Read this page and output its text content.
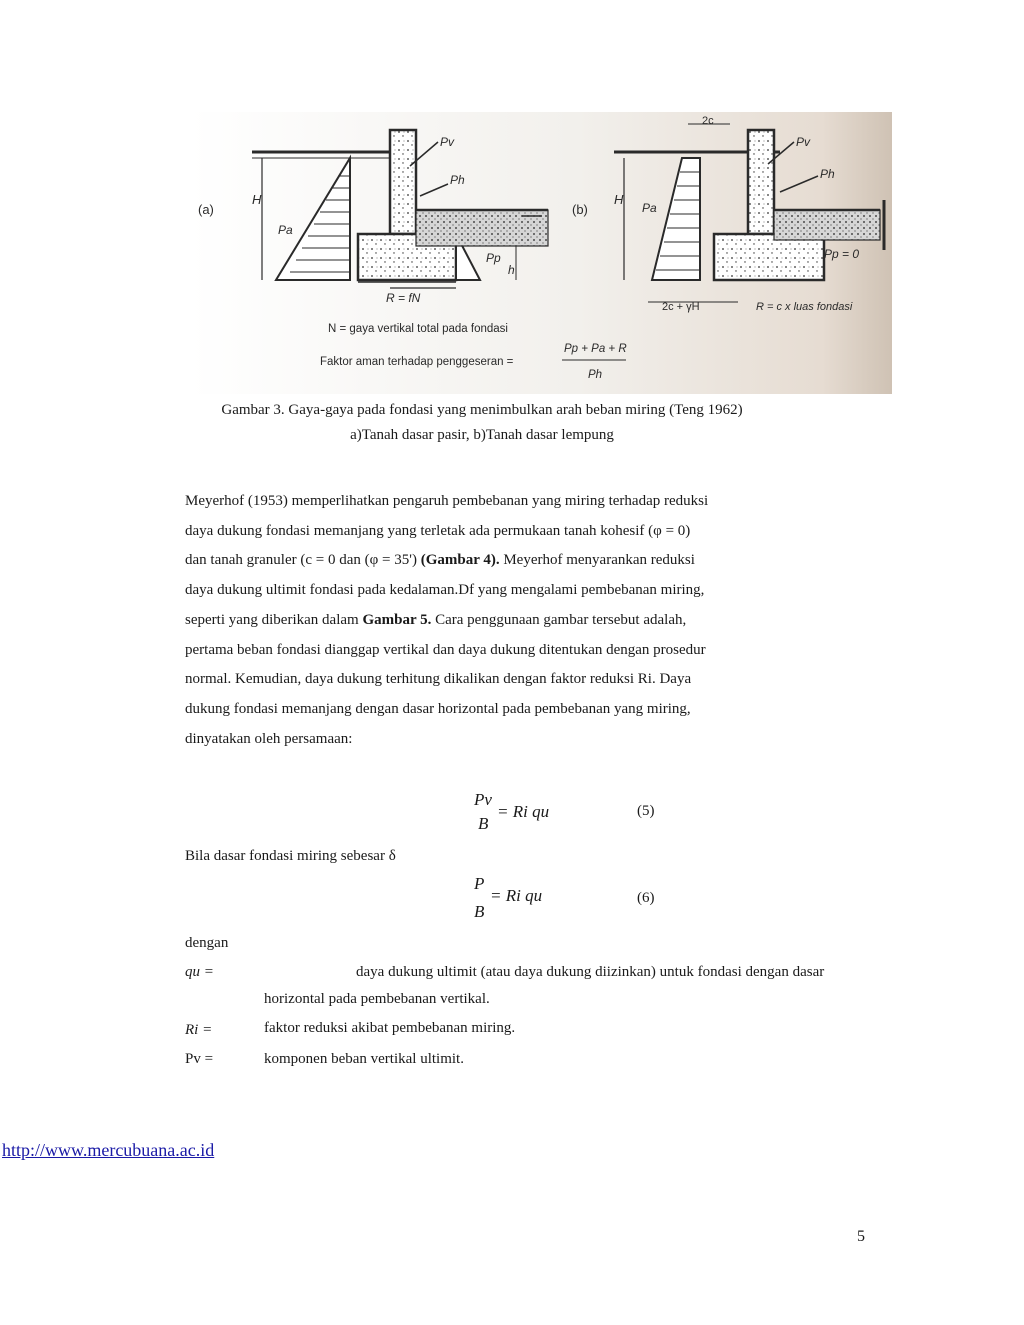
(a)
H
Pa
Pv
Ph
Pp
h
R = fN
(b)
2c
H
Pa
Pv
Ph
Pp = 0
2c + γH	R = c x luas fondasi
N = gaya vertikal total pada fondasi
Faktor aman terhadap penggeseran =
Pp + Pa + R
Ph
Gambar 3. Gaya-gaya pada fondasi yang menimbulkan arah beban miring (Teng 1962)
a)Tanah dasar pasir, b)Tanah dasar lempung

Meyerhof (1953) memperlihatkan pengaruh pembebanan yang miring terhadap reduksi

daya dukung fondasi memanjang yang terletak ada permukaan tanah kohesif (φ = 0)

dan tanah granuler (c = 0 dan (φ = 35') (Gambar 4). Meyerhof menyarankan reduksi

daya dukung ultimit fondasi pada kedalaman.Df yang mengalami pembebanan miring,

seperti yang diberikan dalam Gambar 5. Cara penggunaan gambar tersebut adalah,

pertama beban fondasi dianggap vertikal dan daya dukung ditentukan dengan prosedur

normal. Kemudian, daya dukung terhitung dikalikan dengan faktor reduksi Ri. Daya

dukung fondasi memanjang dengan dasar horizontal pada pembebanan yang miring,

dinyatakan oleh persamaan:

Pv
B
= Ri qu	(5)
Bila dasar fondasi miring sebesar δ
P
B
= Ri qu	(6)
dengan
qu =	daya dukung ultimit (atau daya dukung diizinkan) untuk fondasi dengan dasar
horizontal pada pembebanan vertikal.
Ri =	faktor reduksi akibat pembebanan miring.
Pv =	komponen beban vertikal ultimit.
http://www.mercubuana.ac.id
5
